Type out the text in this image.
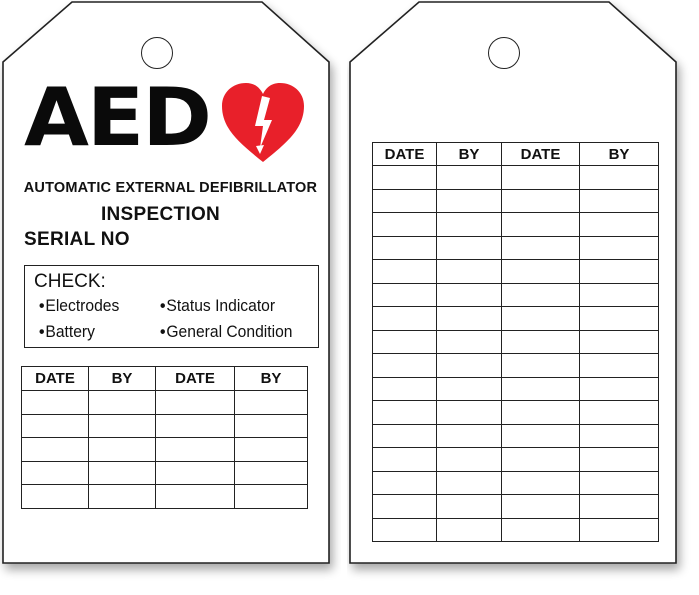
AED
AUTOMATIC EXTERNAL DEFIBRILLATOR
INSPECTION
SERIAL NO
CHECK:
•Electrodes •Status Indicator
•Battery	•General Condition
DATE	BY	DATE	BY

DATE	BY	DATE	BY
